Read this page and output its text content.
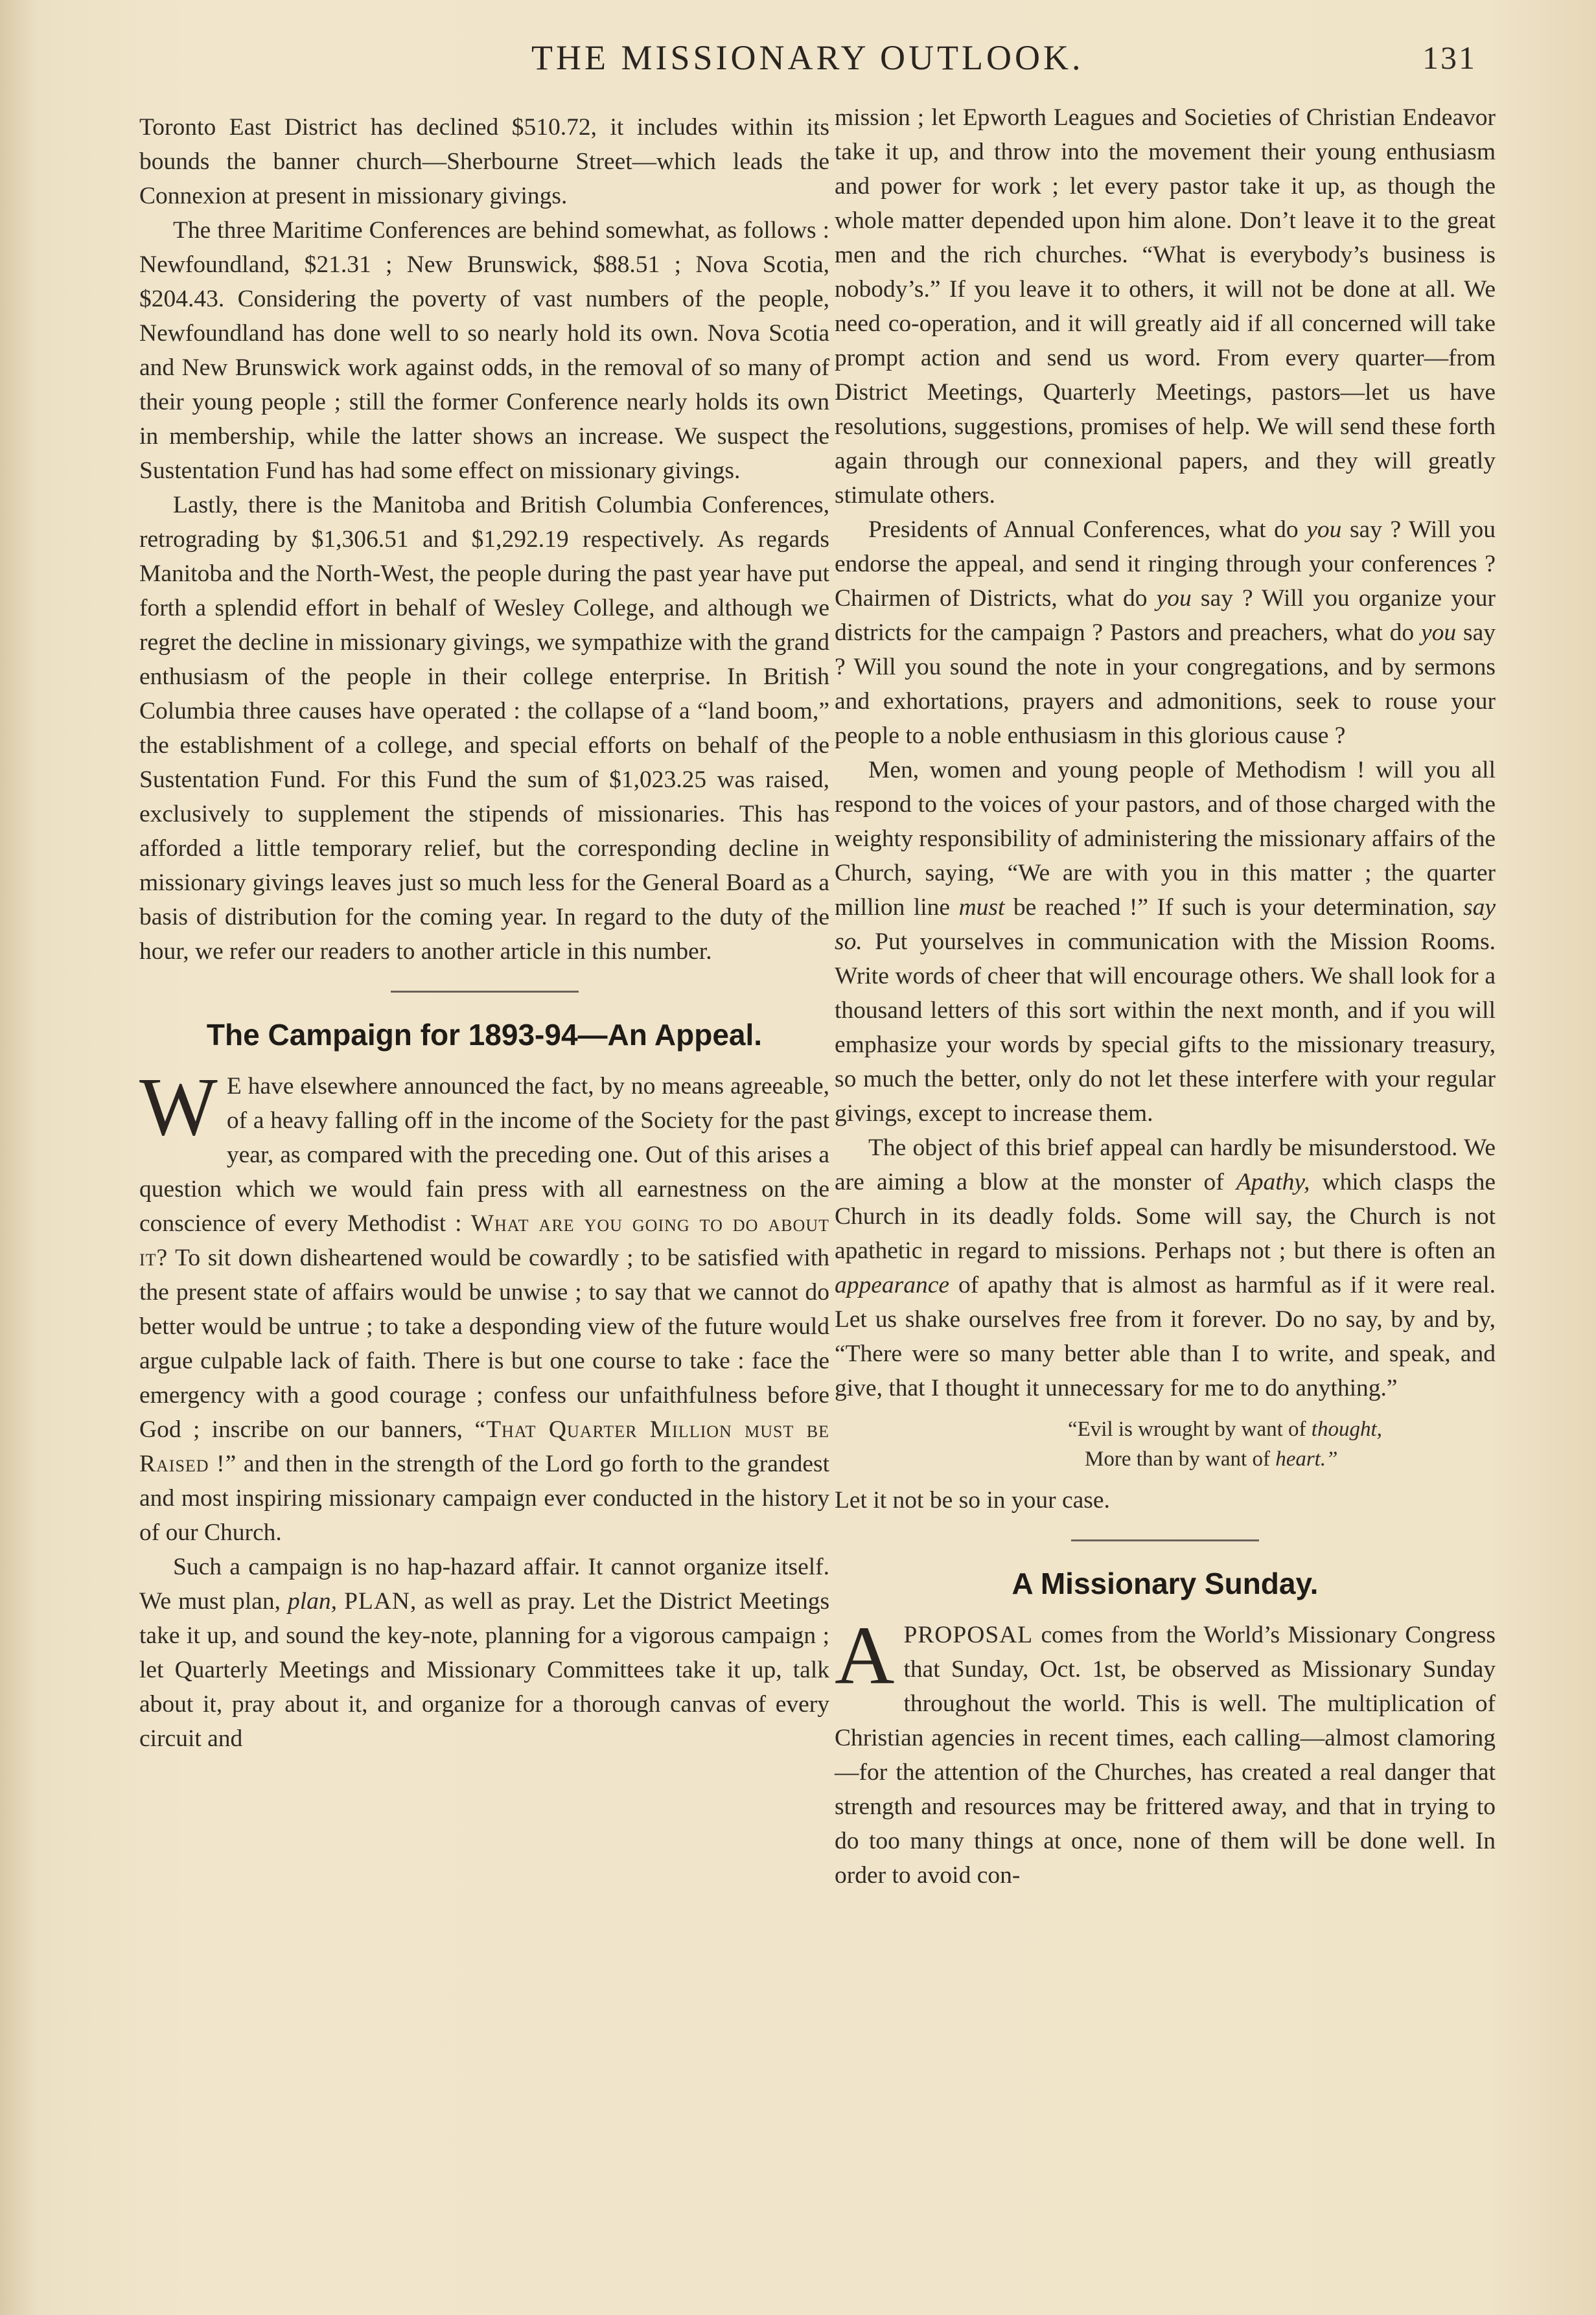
THE MISSIONARY OUTLOOK.	131

Toronto East District has declined $510.72, it includes within its bounds the banner church—Sherbourne Street—which leads the Connexion at present in missionary givings.

The three Maritime Conferences are behind somewhat, as follows : Newfoundland, $21.31 ; New Brunswick, $88.51 ; Nova Scotia, $204.43. Considering the poverty of vast numbers of the people, Newfoundland has done well to so nearly hold its own. Nova Scotia and New Brunswick work against odds, in the removal of so many of their young people ; still the former Conference nearly holds its own in membership, while the latter shows an increase. We suspect the Sustentation Fund has had some effect on missionary givings.

Lastly, there is the Manitoba and British Columbia Conferences, retrograding by $1,306.51 and $1,292.19 respectively. As regards Manitoba and the North-West, the people during the past year have put forth a splendid effort in behalf of Wesley College, and although we regret the decline in missionary givings, we sympathize with the grand enthusiasm of the people in their college enterprise. In British Columbia three causes have operated : the collapse of a “land boom,” the establishment of a college, and special efforts on behalf of the Sustentation Fund. For this Fund the sum of $1,023.25 was raised, exclusively to supplement the stipends of missionaries. This has afforded a little temporary relief, but the corresponding decline in missionary givings leaves just so much less for the General Board as a basis of distribution for the coming year. In regard to the duty of the hour, we refer our readers to another article in this number.

The Campaign for 1893-94—An Appeal.

W E have elsewhere announced the fact, by no means agreeable, of a heavy falling off in the income of the Society for the past year, as compared with the preceding one. Out of this arises a question which we would fain press with all earnestness on the conscience of every Methodist : What are you going to do about it? To sit down disheartened would be cowardly ; to be satisfied with the present state of affairs would be unwise ; to say that we cannot do better would be untrue ; to take a desponding view of the future would argue culpable lack of faith. There is but one course to take : face the emergency with a good courage ; confess our unfaithfulness before God ; inscribe on our banners, “That Quarter Million must be Raised !” and then in the strength of the Lord go forth to the grandest and most inspiring missionary campaign ever conducted in the history of our Church.

Such a campaign is no hap-hazard affair. It cannot organize itself. We must plan, plan, PLAN, as well as pray. Let the District Meetings take it up, and sound the key-note, planning for a vigorous campaign ; let Quarterly Meetings and Missionary Committees take it up, talk about it, pray about it, and organize for a thorough canvas of every circuit and

mission ; let Epworth Leagues and Societies of Christian Endeavor take it up, and throw into the movement their young enthusiasm and power for work ; let every pastor take it up, as though the whole matter depended upon him alone. Don’t leave it to the great men and the rich churches. “What is everybody’s business is nobody’s.” If you leave it to others, it will not be done at all. We need co-operation, and it will greatly aid if all concerned will take prompt action and send us word. From every quarter—from District Meetings, Quarterly Meetings, pastors—let us have resolutions, suggestions, promises of help. We will send these forth again through our connexional papers, and they will greatly stimulate others.

Presidents of Annual Conferences, what do you say ? Will you endorse the appeal, and send it ringing through your conferences ? Chairmen of Districts, what do you say ? Will you organize your districts for the campaign ? Pastors and preachers, what do you say ? Will you sound the note in your congregations, and by sermons and exhortations, prayers and admonitions, seek to rouse your people to a noble enthusiasm in this glorious cause ?

Men, women and young people of Methodism ! will you all respond to the voices of your pastors, and of those charged with the weighty responsibility of administering the missionary affairs of the Church, saying, “We are with you in this matter ; the quarter million line must be reached !” If such is your determination, say so. Put yourselves in communication with the Mission Rooms. Write words of cheer that will encourage others. We shall look for a thousand letters of this sort within the next month, and if you will emphasize your words by special gifts to the missionary treasury, so much the better, only do not let these interfere with your regular givings, except to increase them.

The object of this brief appeal can hardly be misunderstood. We are aiming a blow at the monster of Apathy, which clasps the Church in its deadly folds. Some will say, the Church is not apathetic in regard to missions. Perhaps not ; but there is often an appearance of apathy that is almost as harmful as if it were real. Let us shake ourselves free from it forever. Do no say, by and by, “There were so many better able than I to write, and speak, and give, that I thought it unnecessary for me to do anything.”

“Evil is wrought by want of thought,
More than by want of heart.”

Let it not be so in your case.

A Missionary Sunday.

APROPOSAL comes from the World’s Missionary Congress that Sunday, Oct. 1st, be observed as Missionary Sunday throughout the world. This is well. The multiplication of Christian agencies in recent times, each calling—almost clamoring—for the attention of the Churches, has created a real danger that strength and resources may be frittered away, and that in trying to do too many things at once, none of them will be done well. In order to avoid con-
